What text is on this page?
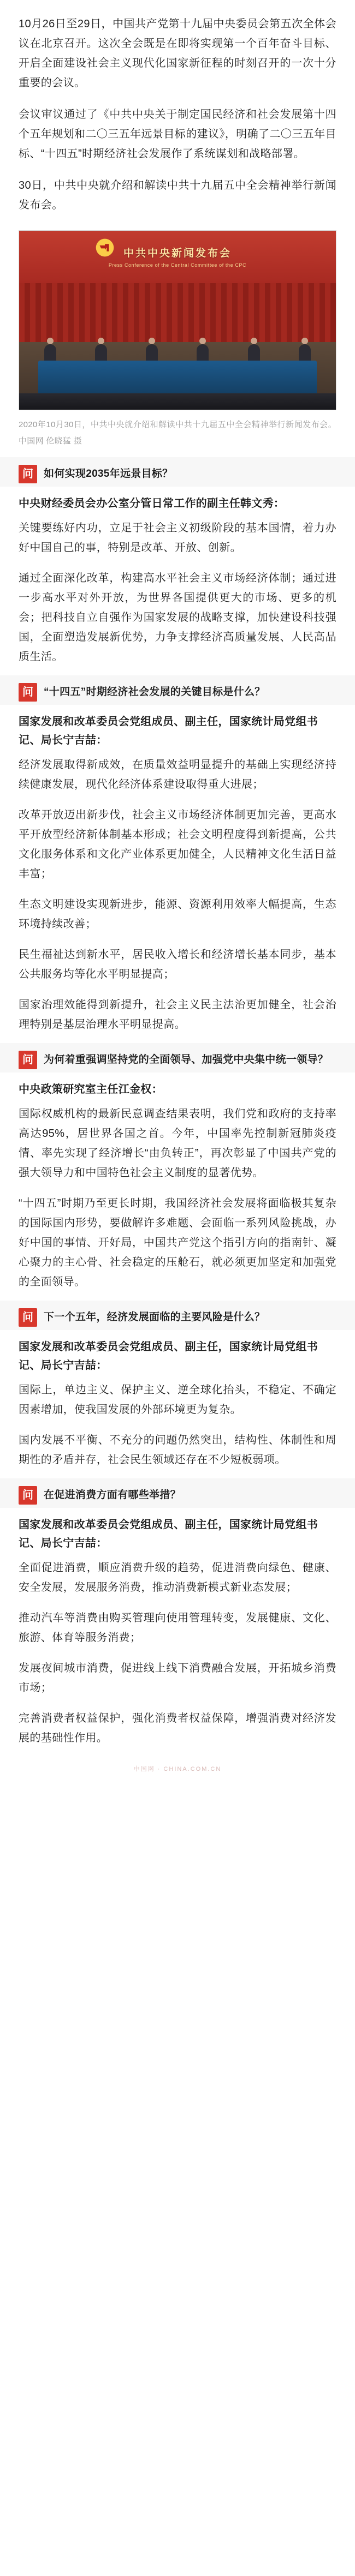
10月26日至29日，中国共产党第十九届中央委员会第五次全体会议在北京召开。这次全会既是在即将实现第一个百年奋斗目标、开启全面建设社会主义现代化国家新征程的时刻召开的一次十分重要的会议。

会议审议通过了《中共中央关于制定国民经济和社会发展第十四个五年规划和二〇三五年远景目标的建议》，明确了二〇三五年目标、“十四五”时期经济社会发展作了系统谋划和战略部署。

30日，中共中央就介绍和解读中共十九届五中全会精神举行新闻发布会。

中共中央新闻发布会
Press Conference of the Central Committee of the CPC
2020年10月30日，中共中央就介绍和解读中共十九届五中全会精神举行新闻发布会。中国网 伦晓猛 摄
问	如何实现2035年远景目标？
中央财经委员会办公室分管日常工作的副主任韩文秀：

关键要练好内功，立足于社会主义初级阶段的基本国情，着力办好中国自己的事，特别是改革、开放、创新。

通过全面深化改革，构建高水平社会主义市场经济体制；通过进一步高水平对外开放，为世界各国提供更大的市场、更多的机会；把科技自立自强作为国家发展的战略支撑，加快建设科技强国，全面塑造发展新优势，力争支撑经济高质量发展、人民高品质生活。

问	“十四五”时期经济社会发展的关键目标是什么？
国家发展和改革委员会党组成员、副主任，国家统计局党组书记、局长宁吉喆：

经济发展取得新成效，在质量效益明显提升的基础上实现经济持续健康发展，现代化经济体系建设取得重大进展；

改革开放迈出新步伐，社会主义市场经济体制更加完善，更高水平开放型经济新体制基本形成；社会文明程度得到新提高，公共文化服务体系和文化产业体系更加健全，人民精神文化生活日益丰富；

生态文明建设实现新进步，能源、资源利用效率大幅提高，生态环境持续改善；

民生福祉达到新水平，居民收入增长和经济增长基本同步，基本公共服务均等化水平明显提高；

国家治理效能得到新提升，社会主义民主法治更加健全，社会治理特别是基层治理水平明显提高。

问	为何着重强调坚持党的全面领导、加强党中央集中统一领导？
中央政策研究室主任江金权：

国际权威机构的最新民意调查结果表明，我们党和政府的支持率高达95%，居世界各国之首。今年，中国率先控制新冠肺炎疫情、率先实现了经济增长“由负转正”，再次彰显了中国共产党的强大领导力和中国特色社会主义制度的显著优势。

“十四五”时期乃至更长时期，我国经济社会发展将面临极其复杂的国际国内形势，要做解许多难题、会面临一系列风险挑战，办好中国的事情、开好局，中国共产党这个指引方向的指南针、凝心聚力的主心骨、社会稳定的压舱石，就必须更加坚定和加强党的全面领导。

问	下一个五年，经济发展面临的主要风险是什么？
国家发展和改革委员会党组成员、副主任，国家统计局党组书记、局长宁吉喆：

国际上，单边主义、保护主义、逆全球化抬头，不稳定、不确定因素增加，使我国发展的外部环境更为复杂。

国内发展不平衡、不充分的问题仍然突出，结构性、体制性和周期性的矛盾并存，社会民生领域还存在不少短板弱项。

问	在促进消费方面有哪些举措？
国家发展和改革委员会党组成员、副主任，国家统计局党组书记、局长宁吉喆：

全面促进消费，顺应消费升级的趋势，促进消费向绿色、健康、安全发展，发展服务消费，推动消费新模式新业态发展；

推动汽车等消费由购买管理向使用管理转变，发展健康、文化、旅游、体育等服务消费；

发展夜间城市消费，促进线上线下消费融合发展，开拓城乡消费市场；

完善消费者权益保护，强化消费者权益保障，增强消费对经济发展的基础性作用。

中国网 · CHINA.COM.CN
